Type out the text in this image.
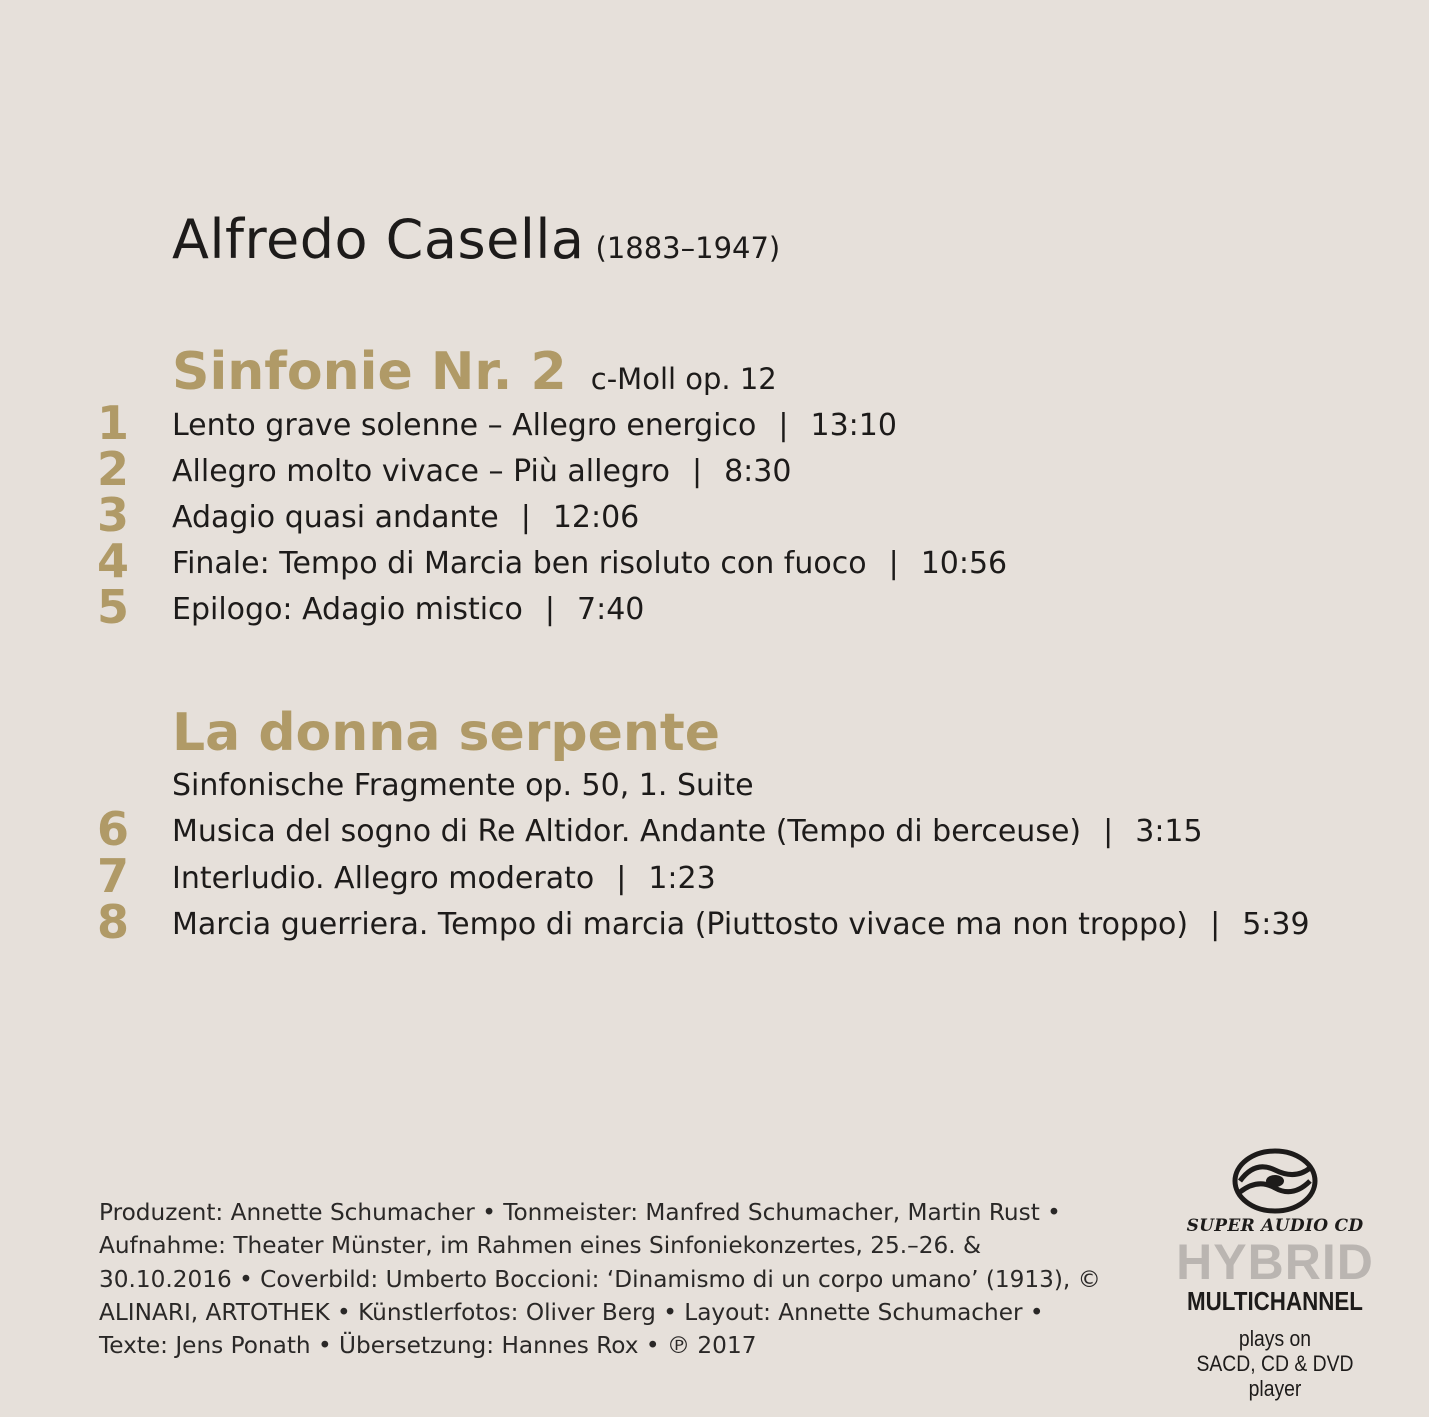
Alfredo Casella (1883–1947)
Sinfonie Nr. 2 c-Moll op. 12
1 Lento grave solenne – Allegro energico | 13:10
2 Allegro molto vivace – Più allegro | 8:30
3 Adagio quasi andante | 12:06
4 Finale: Tempo di Marcia ben risoluto con fuoco | 10:56
5 Epilogo: Adagio mistico | 7:40
La donna serpente
Sinfonische Fragmente op. 50, 1. Suite
6 Musica del sogno di Re Altidor. Andante (Tempo di berceuse) | 3:15
7 Interludio. Allegro moderato | 1:23
8 Marcia guerriera. Tempo di marcia (Piuttosto vivace ma non troppo) | 5:39
Produzent: Annette Schumacher • Tonmeister: Manfred Schumacher, Martin Rust • Aufnahme: Theater Münster, im Rahmen eines Sinfoniekonzertes, 25.–26. & 30.10.2016 • Coverbild: Umberto Boccioni: ‘Dinamismo di un corpo umano’ (1913), © ALINARI, ARTOTHEK • Künstlerfotos: Oliver Berg • Layout: Annette Schumacher • Texte: Jens Ponath • Übersetzung: Hannes Rox • ℗ 2017
SUPER AUDIO CD
HYBRID
MULTICHANNEL
plays on
SACD, CD & DVD player
